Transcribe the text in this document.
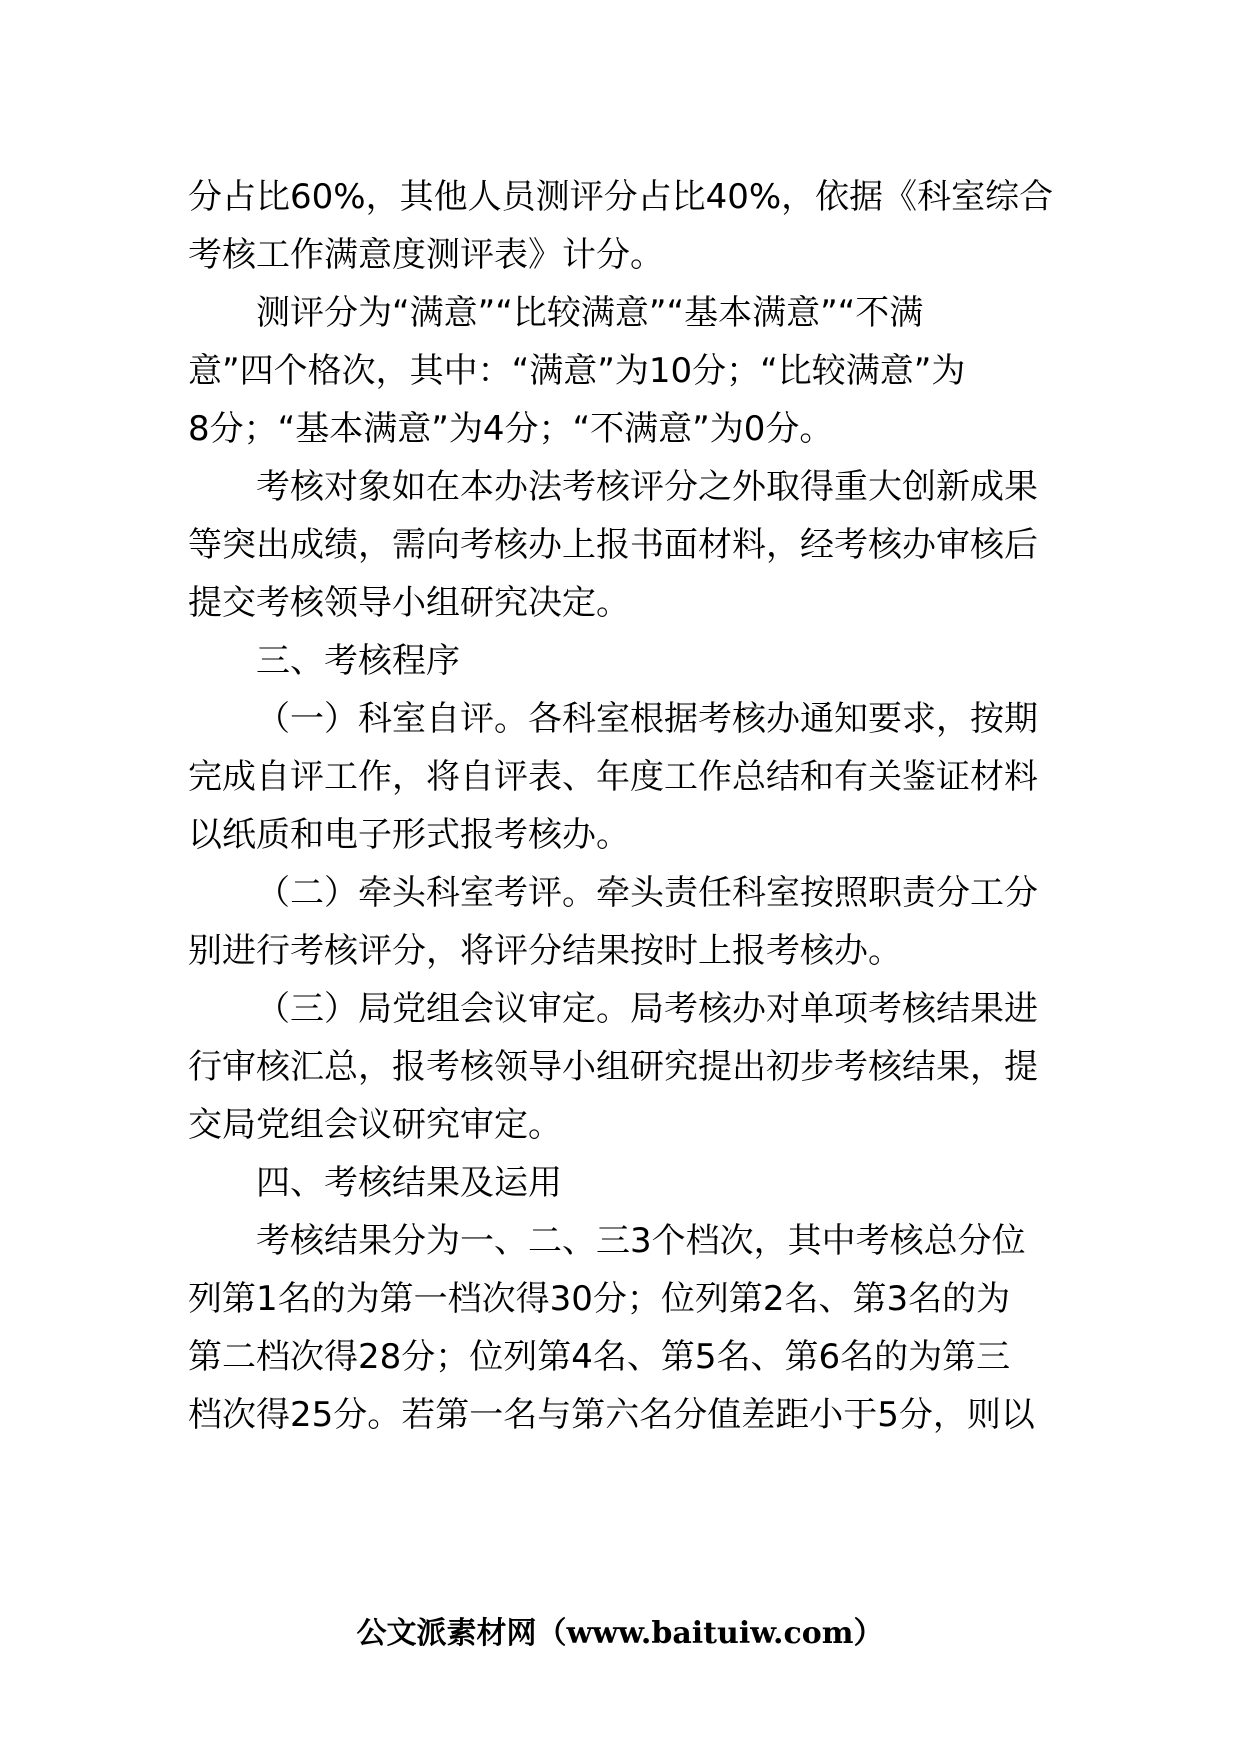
分占比60%，其他人员测评分占比40%，依据《科室综合
考核工作满意度测评表》计分。
测评分为“满意”“比较满意”“基本满意”“不满
意”四个格次，其中：“满意”为10分；“比较满意”为
8分；“基本满意”为4分；“不满意”为0分。
考核对象如在本办法考核评分之外取得重大创新成果
等突出成绩，需向考核办上报书面材料，经考核办审核后
提交考核领导小组研究决定。
三、考核程序
（一）科室自评。各科室根据考核办通知要求，按期
完成自评工作，将自评表、年度工作总结和有关鉴证材料
以纸质和电子形式报考核办。
（二）牵头科室考评。牵头责任科室按照职责分工分
别进行考核评分，将评分结果按时上报考核办。
（三）局党组会议审定。局考核办对单项考核结果进
行审核汇总，报考核领导小组研究提出初步考核结果，提
交局党组会议研究审定。
四、考核结果及运用
考核结果分为一、二、三3个档次，其中考核总分位
列第1名的为第一档次得30分；位列第2名、第3名的为
第二档次得28分；位列第4名、第5名、第6名的为第三
档次得25分。若第一名与第六名分值差距小于5分，则以
公文派素材网（www.baituiw.com）
